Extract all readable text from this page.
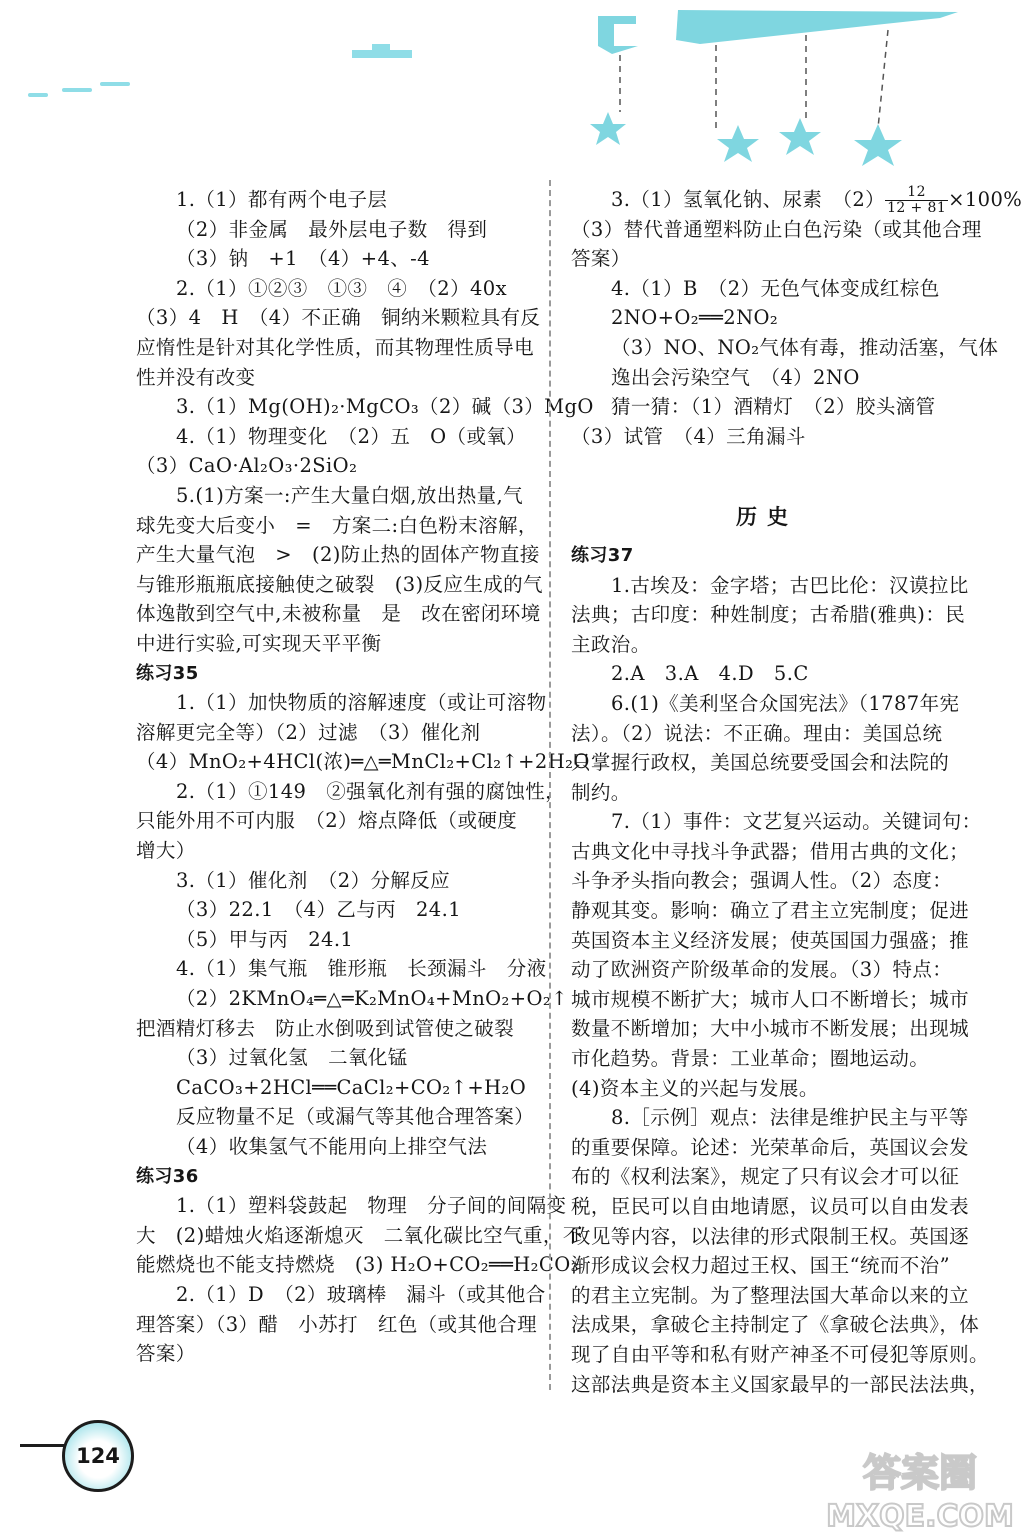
1.（1）都有两个电子层
（2）非金属　最外层电子数　得到
（3）钠　+1　（4）+4、-4
2.（1）①②③　①③　④　（2）40x
（3）4　H　（4）不正确　铜纳米颗粒具有反
应惰性是针对其化学性质，而其物理性质导电
性并没有改变
3.（1）Mg(OH)₂·MgCO₃（2）碱（3）MgO
4.（1）物理变化　（2）五　O（或氧）
（3）CaO·Al₂O₃·2SiO₂
5.(1)方案一:产生大量白烟,放出热量,气
球先变大后变小　=　方案二:白色粉末溶解，
产生大量气泡　>　(2)防止热的固体产物直接
与锥形瓶瓶底接触使之破裂　(3)反应生成的气
体逸散到空气中,未被称量　是　改在密闭环境
中进行实验,可实现天平平衡
练习35
1.（1）加快物质的溶解速度（或让可溶物
溶解更完全等）（2）过滤　（3）催化剂
（4）MnO₂+4HCl(浓)═△═MnCl₂+Cl₂↑+2H₂O
2.（1）①149　②强氧化剂有强的腐蚀性，
只能外用不可内服　（2）熔点降低（或硬度
增大）
3.（1）催化剂　（2）分解反应
（3）22.1　（4）乙与丙　24.1
（5）甲与丙　24.1
4.（1）集气瓶　锥形瓶　长颈漏斗　分液
（2）2KMnO₄═△═K₂MnO₄+MnO₂+O₂↑
把酒精灯移去　防止水倒吸到试管使之破裂
（3）过氧化氢　二氧化锰
CaCO₃+2HCl══CaCl₂+CO₂↑+H₂O
反应物量不足（或漏气等其他合理答案）
（4）收集氢气不能用向上排空气法
练习36
1.（1）塑料袋鼓起　物理　分子间的间隔变
大　(2)蜡烛火焰逐渐熄灭　二氧化碳比空气重，不
能燃烧也不能支持燃烧　(3) H₂O+CO₂══H₂CO₃
2.（1）D　（2）玻璃棒　漏斗（或其他合
理答案）（3）醋　小苏打　红色（或其他合理
答案）
3.（1）氢氧化钠、尿素　$(2) \frac{12}{12 + 81} \times 100\%$
（3）替代普通塑料防止白色污染（或其他合理
答案）
4.（1）B　（2）无色气体变成红棕色
2NO+O₂══2NO₂
（3）NO、NO₂气体有毒，推动活塞，气体
逸出会污染空气　（4）2NO
猜一猜：（1）酒精灯　（2）胶头滴管
（3）试管　（4）三角漏斗
历史
练习37
1.古埃及：金字塔；古巴比伦：汉谟拉比
法典；古印度：种姓制度；古希腊(雅典)：民
主政治。
2.A　3.A　4.D　5.C
6.(1)《美利坚合众国宪法》（1787年宪
法）。（2）说法：不正确。理由：美国总统
只掌握行政权，美国总统要受国会和法院的
制约。
7.（1）事件：文艺复兴运动。关键词句：
古典文化中寻找斗争武器；借用古典的文化；
斗争矛头指向教会；强调人性。（2）态度：
静观其变。影响：确立了君主立宪制度；促进
英国资本主义经济发展；使英国国力强盛；推
动了欧洲资产阶级革命的发展。（3）特点：
城市规模不断扩大；城市人口不断增长；城市
数量不断增加；大中小城市不断发展；出现城
市化趋势。背景：工业革命；圈地运动。
(4)资本主义的兴起与发展。
8.［示例］观点：法律是维护民主与平等
的重要保障。论述：光荣革命后，英国议会发
布的《权利法案》，规定了只有议会才可以征
税，臣民可以自由地请愿，议员可以自由发表
政见等内容，以法律的形式限制王权。英国逐
渐形成议会权力超过王权、国王“统而不治”
的君主立宪制。为了整理法国大革命以来的立
法成果，拿破仑主持制定了《拿破仑法典》，体
现了自由平等和私有财产神圣不可侵犯等原则。
这部法典是资本主义国家最早的一部民法法典，
124	答案圈
MXQE.COM
